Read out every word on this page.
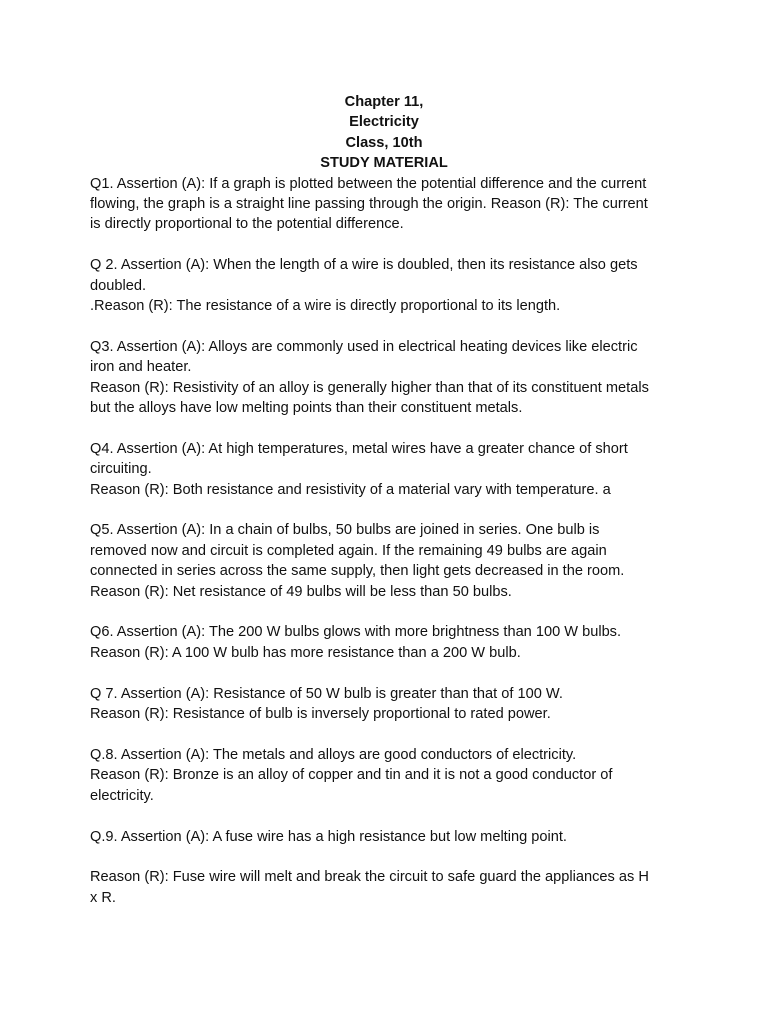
Chapter 11,
Electricity
Class, 10th
STUDY MATERIAL
Q1. Assertion (A): If a graph is plotted between the potential difference and the current
flowing, the graph is a straight line passing through the origin. Reason (R): The current
is directly proportional to the potential difference.
Q 2. Assertion (A): When the length of a wire is doubled, then its resistance also gets
doubled.
.Reason (R): The resistance of a wire is directly proportional to its length.
Q3. Assertion (A): Alloys are commonly used in electrical heating devices like electric
iron and heater.
Reason (R): Resistivity of an alloy is generally higher than that of its constituent metals
but the alloys have low melting points than their constituent metals.
Q4. Assertion (A): At high temperatures, metal wires have a greater chance of short
circuiting.
Reason (R): Both resistance and resistivity of a material vary with temperature. a
Q5. Assertion (A): In a chain of bulbs, 50 bulbs are joined in series. One bulb is
removed now and circuit is completed again. If the remaining 49 bulbs are again
connected in series across the same supply, then light gets decreased in the room.
Reason (R): Net resistance of 49 bulbs will be less than 50 bulbs.
Q6. Assertion (A): The 200 W bulbs glows with more brightness than 100 W bulbs.
Reason (R): A 100 W bulb has more resistance than a 200 W bulb.
Q 7. Assertion (A): Resistance of 50 W bulb is greater than that of 100 W.
Reason (R): Resistance of bulb is inversely proportional to rated power.
Q.8. Assertion (A): The metals and alloys are good conductors of electricity.
Reason (R): Bronze is an alloy of copper and tin and it is not a good conductor of
electricity.
Q.9. Assertion (A): A fuse wire has a high resistance but low melting point.
Reason (R): Fuse wire will melt and break the circuit to safe guard the appliances as H
x R.
